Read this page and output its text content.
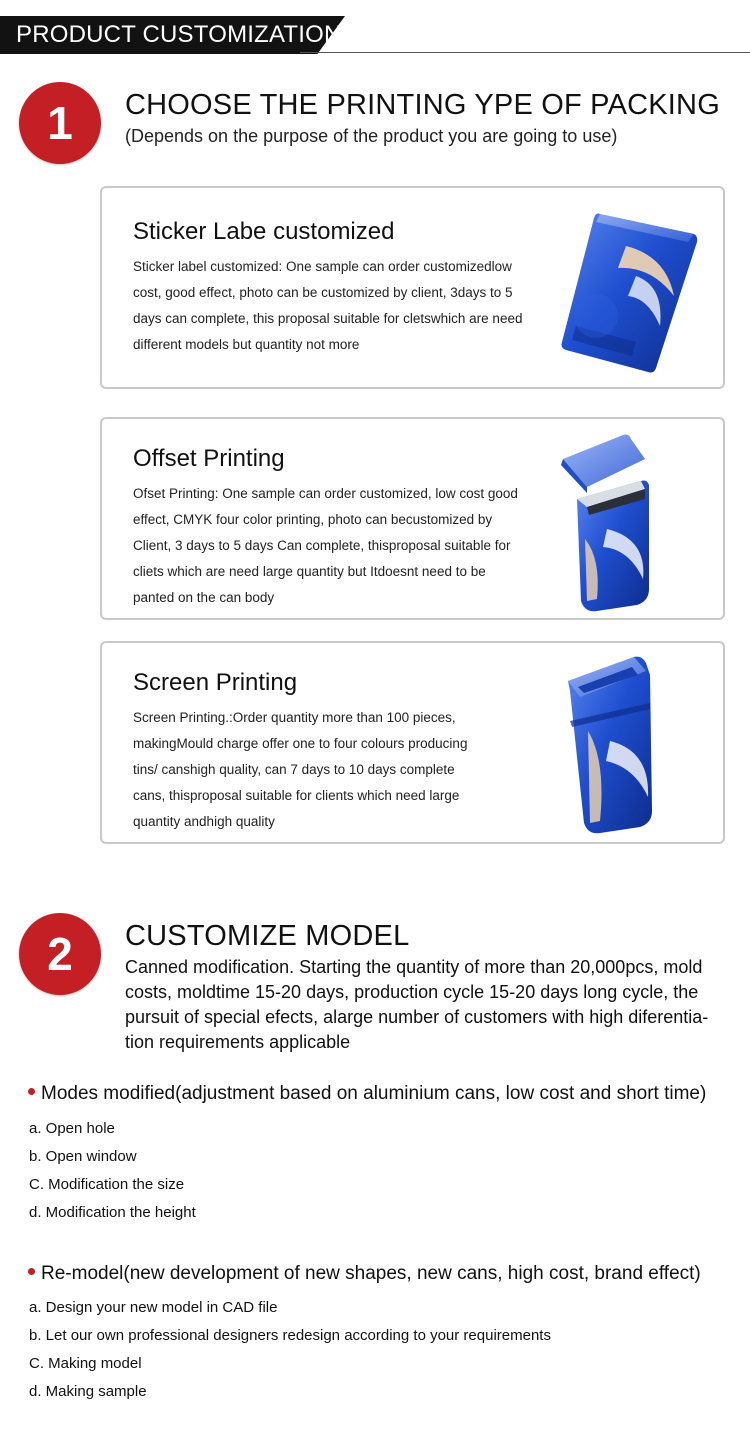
PRODUCT CUSTOMIZATION
1	CHOOSE THE PRINTING YPE OF PACKING
(Depends on the purpose of the product you are going to use)
Sticker Labe customized
Sticker label customized: One sample can order customizedlow
cost, good effect, photo can be customized by client, 3days to 5
days can complete, this proposal suitable for cletswhich are need
different models but quantity not more
Offset Printing
Ofset Printing: One sample can order customized, low cost good
effect, CMYK four color printing, photo can becustomized by
Client, 3 days to 5 days Can complete, thisproposal suitable for
cliets which are need large quantity but Itdoesnt need to be
panted on the can body
Screen Printing
Screen Printing.:Order quantity more than 100 pieces,
makingMould charge offer one to four colours producing
tins/ canshigh quality, can 7 days to 10 days complete
cans, thisproposal suitable for clients which need large
quantity andhigh quality
2	CUSTOMIZE MODEL
Canned modification. Starting the quantity of more than 20,000pcs, mold
costs, moldtime 15-20 days, production cycle 15-20 days long cycle, the
pursuit of special efects, alarge number of customers with high diferentia-
tion requirements applicable
Modes modified(adjustment based on aluminium cans, low cost and short time)
a. Open hole
b. Open window
C. Modification the size
d. Modification the height
Re-model(new development of new shapes, new cans, high cost, brand effect)
a. Design your new model in CAD file
b. Let our own professional designers redesign according to your requirements
C. Making model
d. Making sample
